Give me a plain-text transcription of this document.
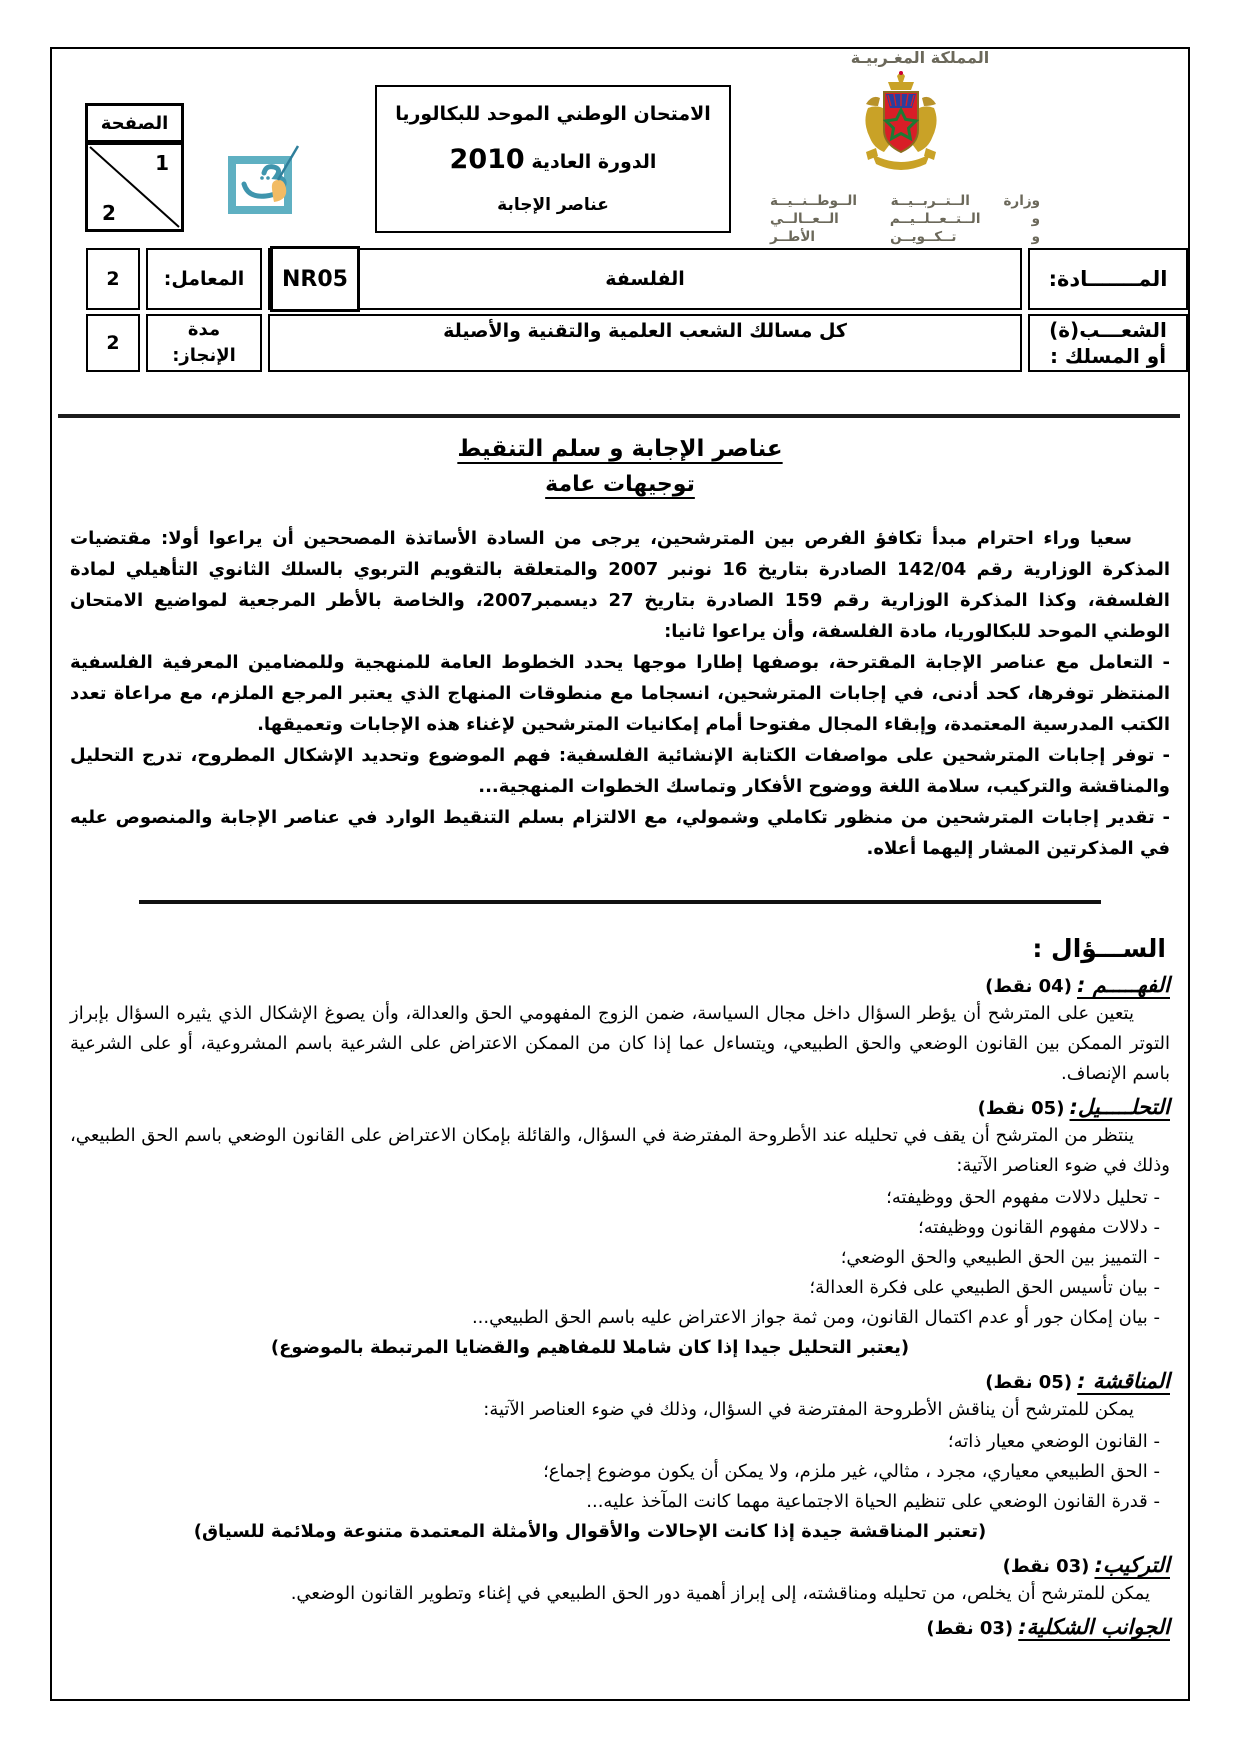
الصفحة
1
2
الامتحان الوطني الموحد للبكالوريا
الدورة العادية 2010
عناصر الإجابة
المملكة المغـربيـة
وزارة الــتــربــيــة الــوطــنــيــة
و الــتــعــلــيــم الــعــالــي
و تــكــويــن الأطــر
المـــــــادة:
الفلسفة
NR05
المعامل:
2
الشعـــب(ة)
أو المسلك :
كل مسالك الشعب العلمية والتقنية والأصيلة
مدة
الإنجاز:
2
عناصر الإجابة و سلم التنقيط
توجيهات عامة

سعيا وراء احترام مبدأ تكافؤ الفرص بين المترشحين، يرجى من السادة الأساتذة المصححين أن يراعوا أولا: مقتضيات المذكرة الوزارية رقم 142/04 الصادرة بتاريخ 16 نونبر 2007 والمتعلقة بالتقويم التربوي بالسلك الثانوي التأهيلي لمادة الفلسفة، وكذا المذكرة الوزارية رقم 159 الصادرة بتاريخ 27 ديسمبر2007، والخاصة بالأطر المرجعية لمواضيع الامتحان الوطني الموحد للبكالوريا، مادة الفلسفة، وأن يراعوا ثانيا:

- التعامل مع عناصر الإجابة المقترحة، بوصفها إطارا موجها يحدد الخطوط العامة للمنهجية وللمضامين المعرفية الفلسفية المنتظر توفرها، كحد أدنى، في إجابات المترشحين، انسجاما مع منطوقات المنهاج الذي يعتبر المرجع الملزم، مع مراعاة تعدد الكتب المدرسية المعتمدة، وإبقاء المجال مفتوحا أمام إمكانيات المترشحين لإغناء هذه الإجابات وتعميقها.

- توفر إجابات المترشحين على مواصفات الكتابة الإنشائية الفلسفية: فهم الموضوع وتحديد الإشكال المطروح، تدرج التحليل والمناقشة والتركيب، سلامة اللغة ووضوح الأفكار وتماسك الخطوات المنهجية...

- تقدير إجابات المترشحين من منظور تكاملي وشمولي، مع الالتزام بسلم التنقيط الوارد في عناصر الإجابة والمنصوص عليه في المذكرتين المشار إليهما أعلاه.

الســـؤال :
الفهـــــم : (04 نقط)
يتعين على المترشح أن يؤطر السؤال داخل مجال السياسة، ضمن الزوج المفهومي الحق والعدالة، وأن يصوغ الإشكال الذي يثيره السؤال بإبراز التوتر الممكن بين القانون الوضعي والحق الطبيعي، ويتساءل عما إذا كان من الممكن الاعتراض على الشرعية باسم المشروعية، أو على الشرعية باسم الإنصاف.
التحلـــــيل: (05 نقط)
ينتظر من المترشح أن يقف في تحليله عند الأطروحة المفترضة في السؤال، والقائلة بإمكان الاعتراض على القانون الوضعي باسم الحق الطبيعي، وذلك في ضوء العناصر الآتية:
- تحليل دلالات مفهوم الحق ووظيفته؛
- دلالات مفهوم القانون ووظيفته؛
- التمييز بين الحق الطبيعي والحق الوضعي؛
- بيان تأسيس الحق الطبيعي على فكرة العدالة؛
- بيان إمكان جور أو عدم اكتمال القانون، ومن ثمة جواز الاعتراض عليه باسم الحق الطبيعي...
(يعتبر التحليل جيدا إذا كان شاملا للمفاهيم والقضايا المرتبطة بالموضوع)
المناقشة : (05 نقط)
يمكن للمترشح أن يناقش الأطروحة المفترضة في السؤال، وذلك في ضوء العناصر الآتية:
- القانون الوضعي معيار ذاته؛
- الحق الطبيعي معياري، مجرد ، مثالي، غير ملزم، ولا يمكن أن يكون موضوع إجماع؛
- قدرة القانون الوضعي على تنظيم الحياة الاجتماعية مهما كانت المآخذ عليه...
(تعتبر المناقشة جيدة إذا كانت الإحالات والأقوال والأمثلة المعتمدة متنوعة وملائمة للسياق)
التركيب: (03 نقط)
يمكن للمترشح أن يخلص، من تحليله ومناقشته، إلى إبراز أهمية دور الحق الطبيعي في إغناء وتطوير القانون الوضعي.
الجوانب الشكلية: (03 نقط)
